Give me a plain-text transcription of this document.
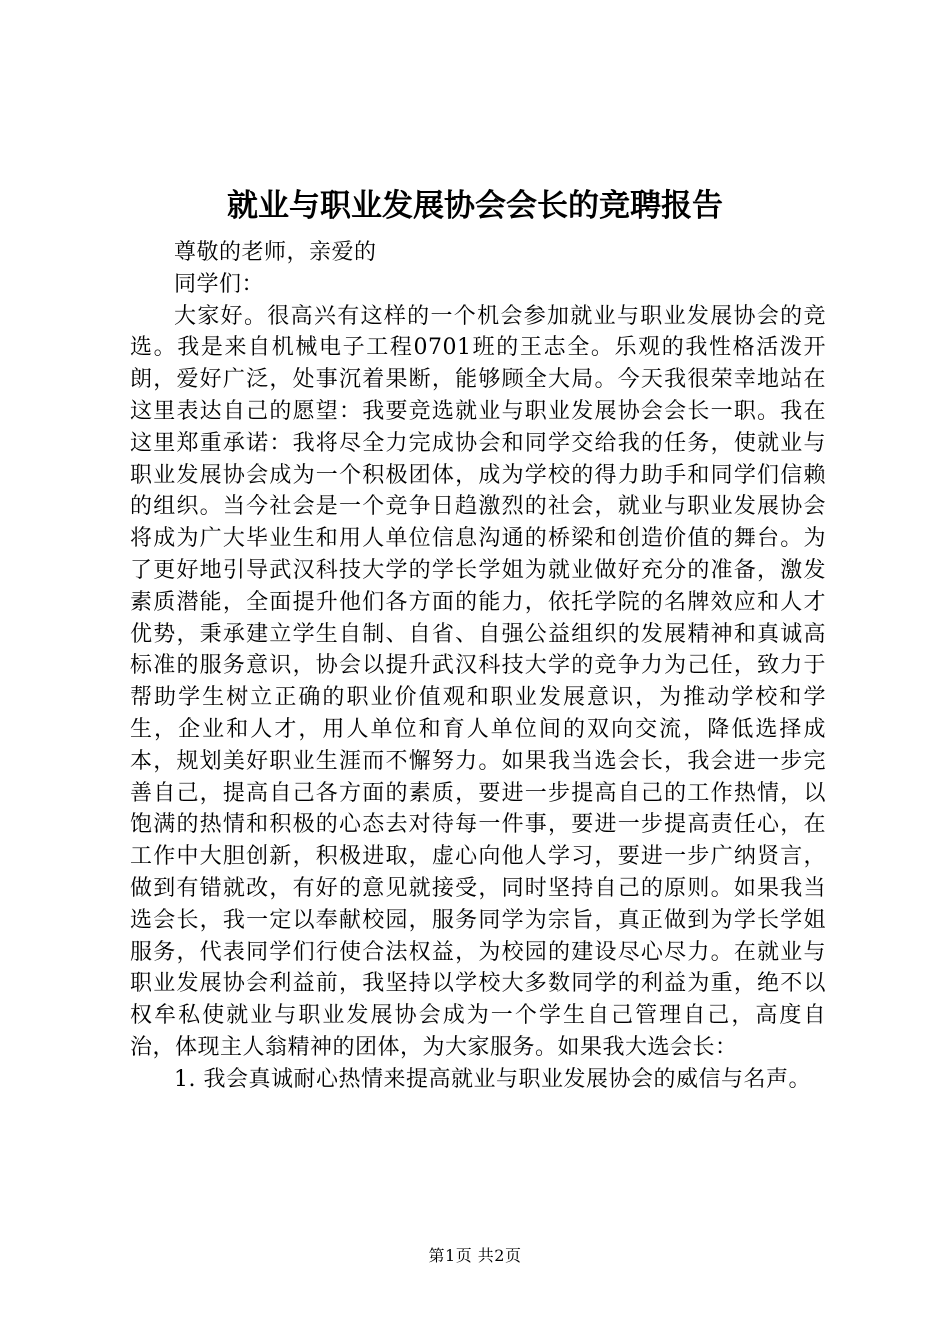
就业与职业发展协会会长的竞聘报告

尊敬的老师，亲爱的

同学们：

大家好。很高兴有这样的一个机会参加就业与职业发展协会的竞选。我是来自机械电子工程0701班的王志全。乐观的我性格活泼开朗，爱好广泛，处事沉着果断，能够顾全大局。今天我很荣幸地站在这里表达自己的愿望：我要竞选就业与职业发展协会会长一职。我在这里郑重承诺：我将尽全力完成协会和同学交给我的任务，使就业与职业发展协会成为一个积极团体，成为学校的得力助手和同学们信赖的组织。当今社会是一个竞争日趋激烈的社会，就业与职业发展协会将成为广大毕业生和用人单位信息沟通的桥梁和创造价值的舞台。为了更好地引导武汉科技大学的学长学姐为就业做好充分的准备，激发素质潜能，全面提升他们各方面的能力，依托学院的名牌效应和人才优势，秉承建立学生自制、自省、自强公益组织的发展精神和真诚高标准的服务意识，协会以提升武汉科技大学的竞争力为己任，致力于帮助学生树立正确的职业价值观和职业发展意识，为推动学校和学生，企业和人才，用人单位和育人单位间的双向交流，降低选择成本，规划美好职业生涯而不懈努力。如果我当选会长，我会进一步完善自己，提高自己各方面的素质，要进一步提高自己的工作热情，以饱满的热情和积极的心态去对待每一件事，要进一步提高责任心，在工作中大胆创新，积极进取，虚心向他人学习，要进一步广纳贤言，做到有错就改，有好的意见就接受，同时坚持自己的原则。如果我当选会长，我一定以奉献校园，服务同学为宗旨，真正做到为学长学姐服务，代表同学们行使合法权益，为校园的建设尽心尽力。在就业与职业发展协会利益前，我坚持以学校大多数同学的利益为重，绝不以权牟私使就业与职业发展协会成为一个学生自己管理自己，高度自治，体现主人翁精神的团体，为大家服务。如果我大选会长：

1. 我会真诚耐心热情来提高就业与职业发展协会的威信与名声。

第1页 共2页
